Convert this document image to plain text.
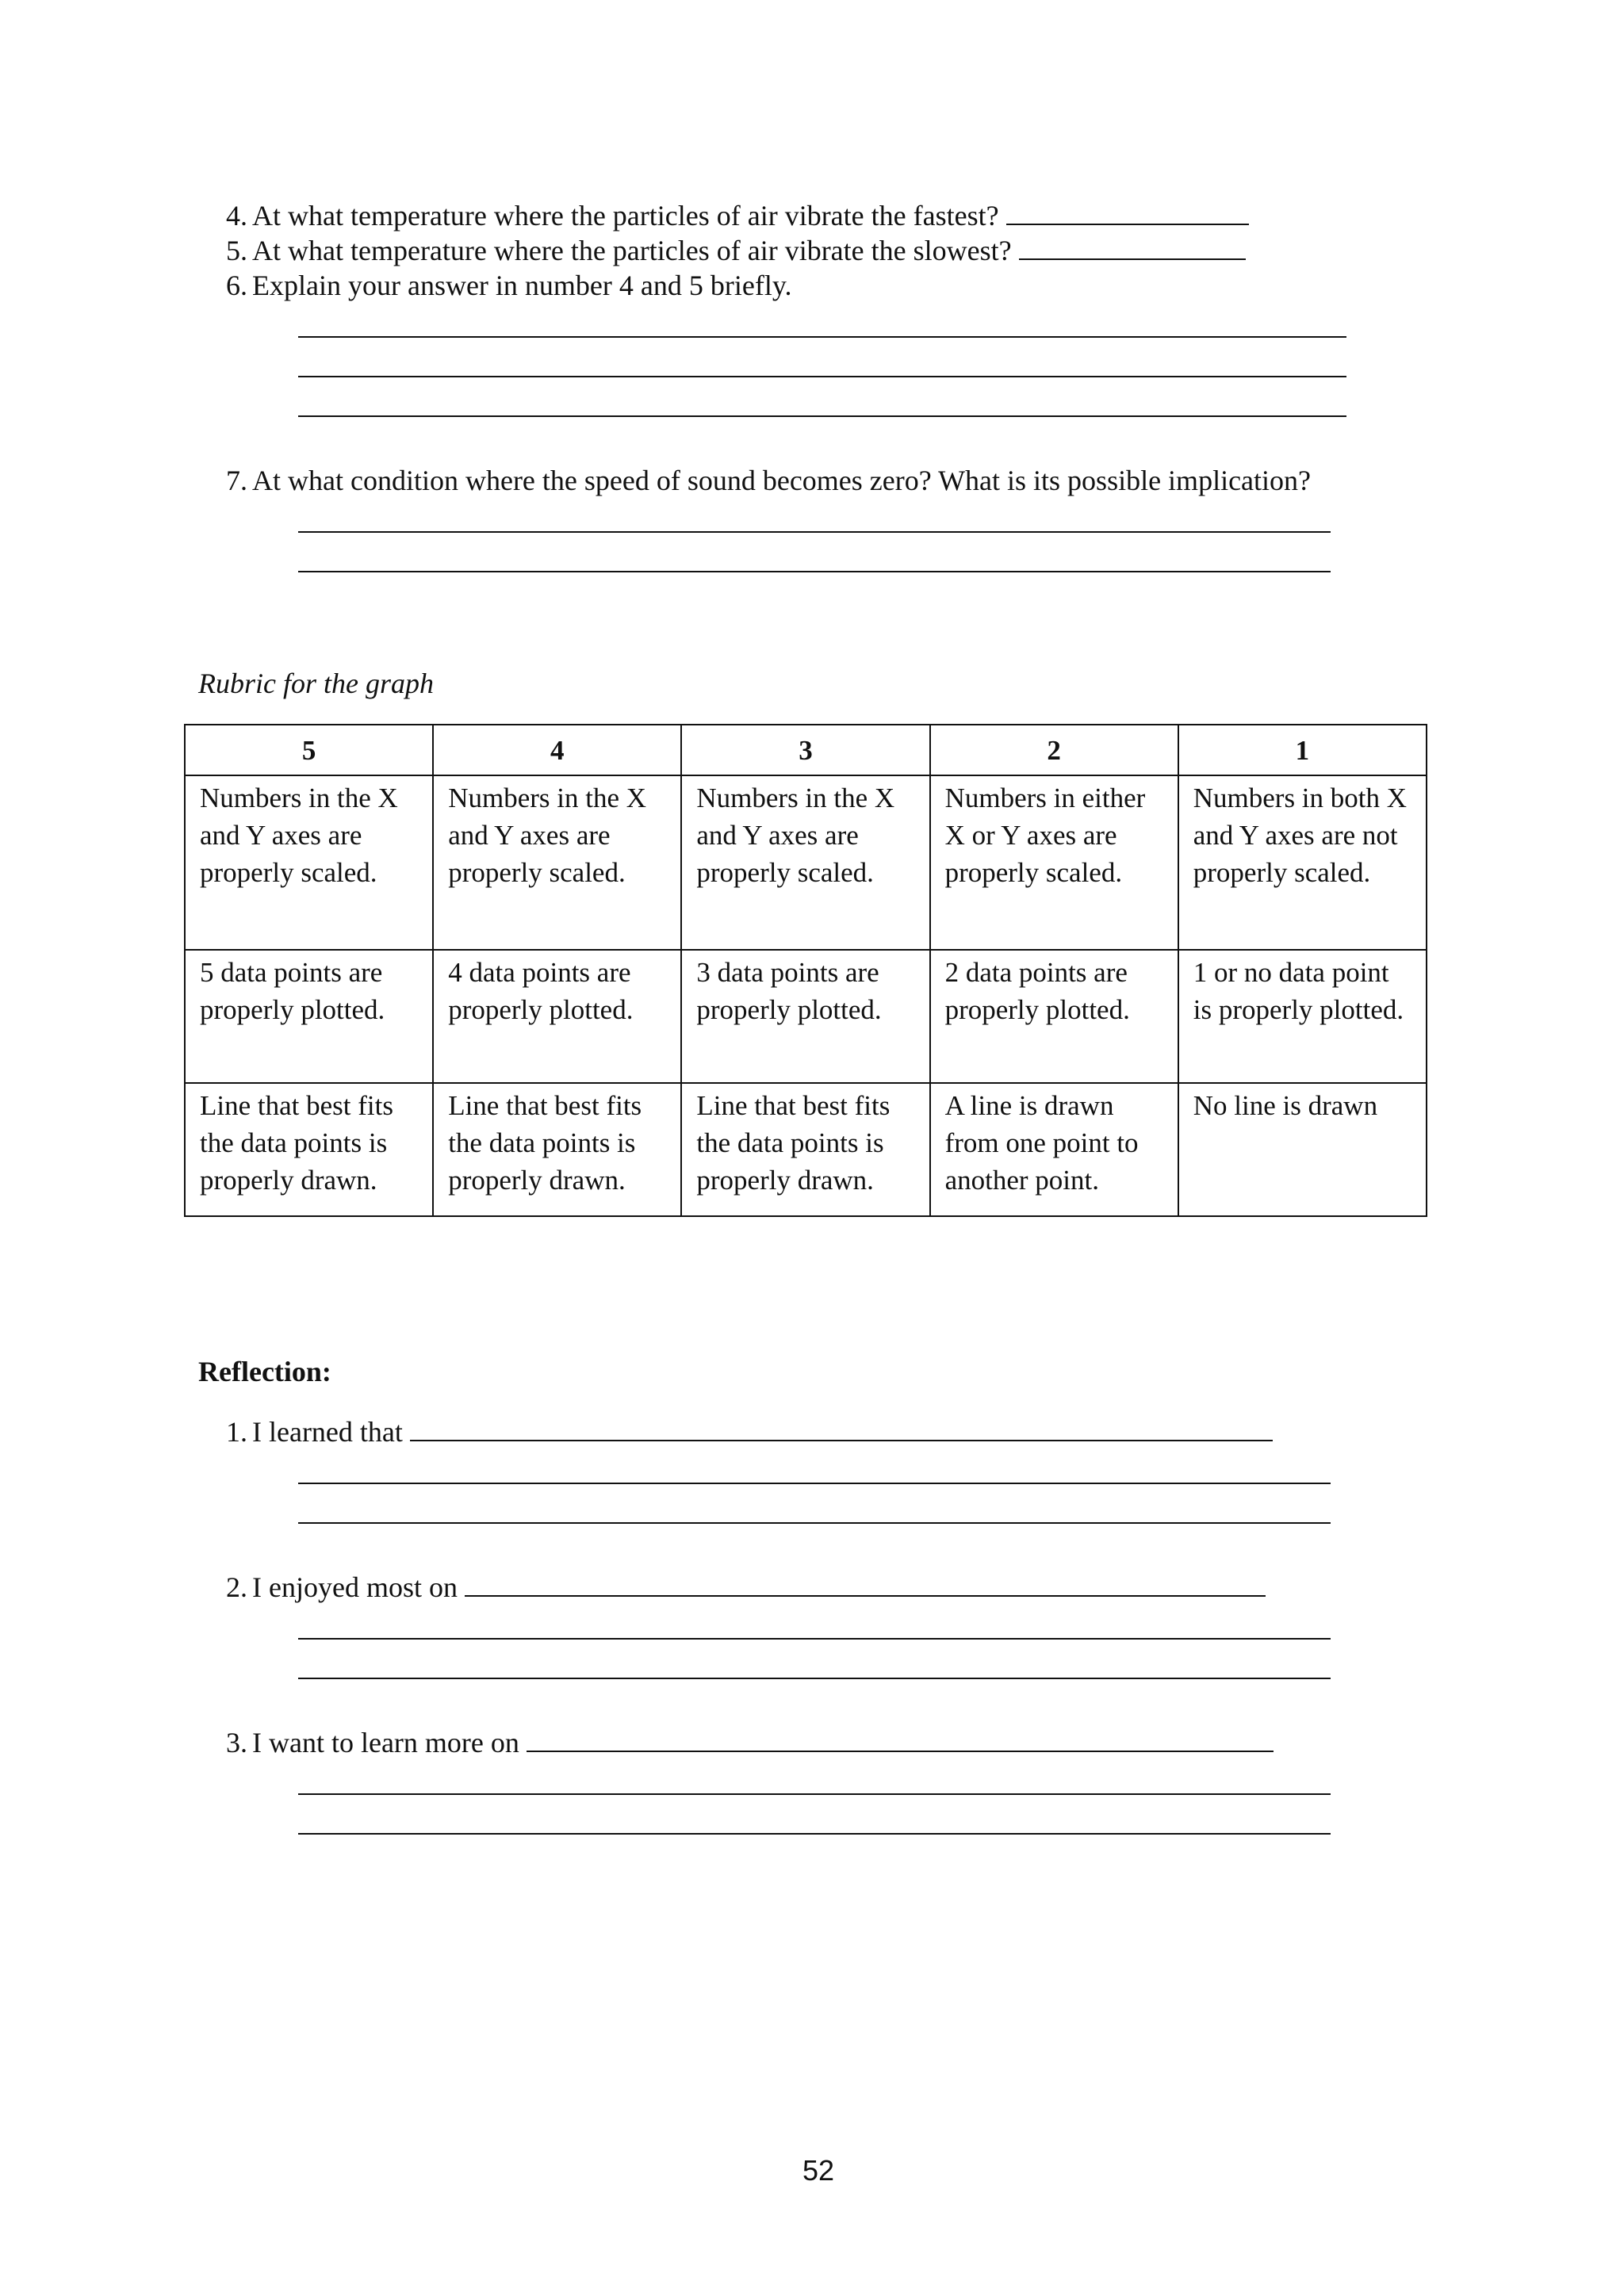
4. At what temperature where the particles of air vibrate the fastest?
5. At what temperature where the particles of air vibrate the slowest?
6. Explain your answer in number 4 and 5 briefly.
7. At what condition where the speed of sound becomes zero? What is its possible implication?
Rubric for the graph
5	4	3	2	1
Numbers in the X and Y axes are properly scaled.	Numbers in the X and Y axes are properly scaled.	Numbers in the X and Y axes are properly scaled.	Numbers in either X or Y axes are properly scaled.	Numbers in both X and Y axes are not properly scaled.
5 data points are properly plotted.	4 data points are properly plotted.	3 data points are properly plotted.	2 data points are properly plotted.	1 or no data point is properly plotted.
Line that best fits the data points is properly drawn.	Line that best fits the data points is properly drawn.	Line that best fits the data points is properly drawn.	A line is drawn from one point to another point.	No line is drawn
Reflection:
1. I learned that
2. I enjoyed most on
3. I want to learn more on
52
